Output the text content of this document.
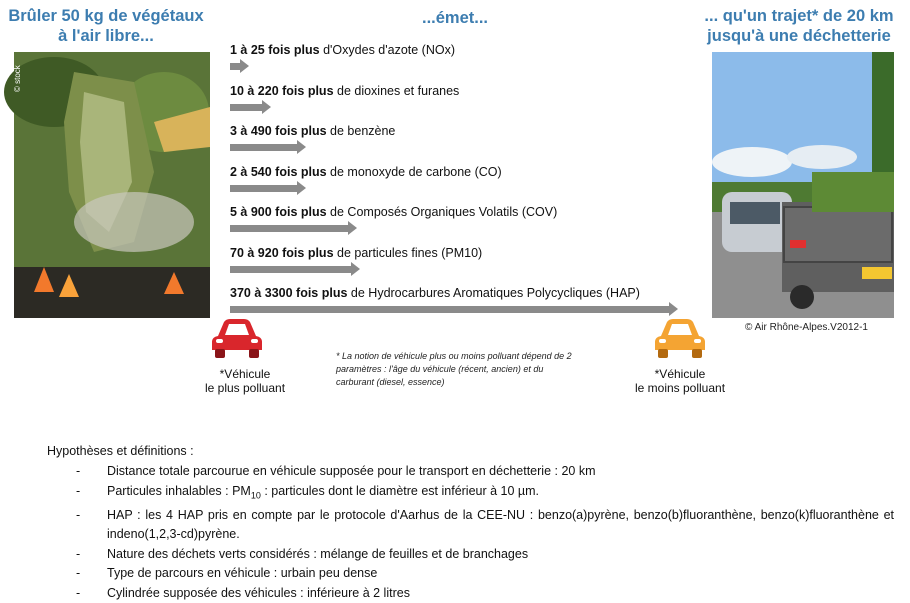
Brûler 50 kg de végétaux
à l'air libre...
...émet...	... qu'un trajet* de 20 km
jusqu'à une déchetterie
© stock
© Air Rhône-Alpes.V2012-1
1 à 25 fois plus d'Oxydes d'azote (NOx)
10 à 220 fois plus de dioxines et furanes
3 à 490 fois plus de benzène
2 à 540 fois plus de monoxyde de carbone (CO)
5 à 900 fois plus de Composés Organiques Volatils (COV)
70 à 920 fois plus de particules fines (PM10)
370 à 3300 fois plus de Hydrocarbures Aromatiques Polycycliques (HAP)
*Véhicule
le plus polluant
*Véhicule
le moins polluant
* La notion de véhicule plus ou moins polluant dépend de 2 paramètres : l'âge du véhicule (récent, ancien) et du carburant (diesel, essence)
Hypothèses et définitions :
- Distance totale parcourue en véhicule supposée pour le transport en déchetterie : 20 km
- Particules inhalables : $PM_{10}$ : particules dont le diamètre est inférieur à 10 µm.
- HAP : les 4 HAP pris en compte par le protocole d'Aarhus de la CEE-NU : benzo(a)pyrène, benzo(b)fluoranthène, benzo(k)fluoranthène et indeno(1,2,3-cd)pyrène.
- Nature des déchets verts considérés : mélange de feuilles et de branchages
- Type de parcours en véhicule : urbain peu dense
- Cylindrée supposée des véhicules : inférieure à 2 litres
